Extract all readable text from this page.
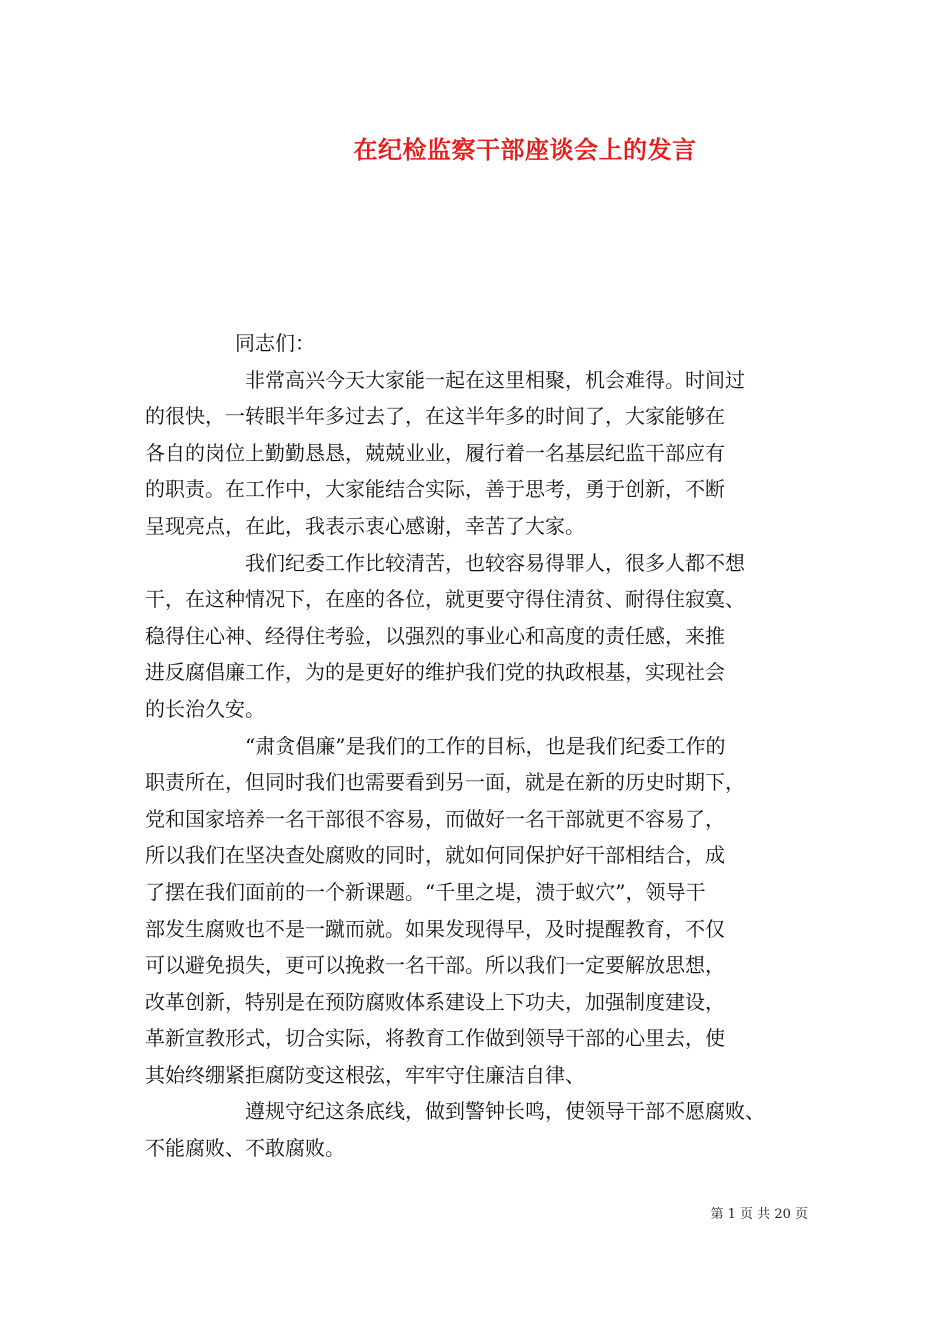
在纪检监察干部座谈会上的发言
同志们：
非常高兴今天大家能一起在这里相聚，机会难得。时间过
的很快，一转眼半年多过去了，在这半年多的时间了，大家能够在
各自的岗位上勤勤恳恳，兢兢业业，履行着一名基层纪监干部应有
的职责。在工作中，大家能结合实际，善于思考，勇于创新，不断
呈现亮点，在此，我表示衷心感谢，幸苦了大家。
我们纪委工作比较清苦，也较容易得罪人，很多人都不想
干，在这种情况下，在座的各位，就更要守得住清贫、耐得住寂寞、
稳得住心神、经得住考验，以强烈的事业心和高度的责任感，来推
进反腐倡廉工作，为的是更好的维护我们党的执政根基，实现社会
的长治久安。
“肃贪倡廉”是我们的工作的目标，也是我们纪委工作的
职责所在，但同时我们也需要看到另一面，就是在新的历史时期下，
党和国家培养一名干部很不容易，而做好一名干部就更不容易了，
所以我们在坚决查处腐败的同时，就如何同保护好干部相结合，成
了摆在我们面前的一个新课题。“千里之堤，溃于蚁穴”，领导干
部发生腐败也不是一蹴而就。如果发现得早，及时提醒教育，不仅
可以避免损失，更可以挽救一名干部。所以我们一定要解放思想，
改革创新，特别是在预防腐败体系建设上下功夫，加强制度建设，
革新宣教形式，切合实际，将教育工作做到领导干部的心里去，使
其始终绷紧拒腐防变这根弦，牢牢守住廉洁自律、
遵规守纪这条底线，做到警钟长鸣，使领导干部不愿腐败、
不能腐败、不敢腐败。
第 1 页 共 20 页
